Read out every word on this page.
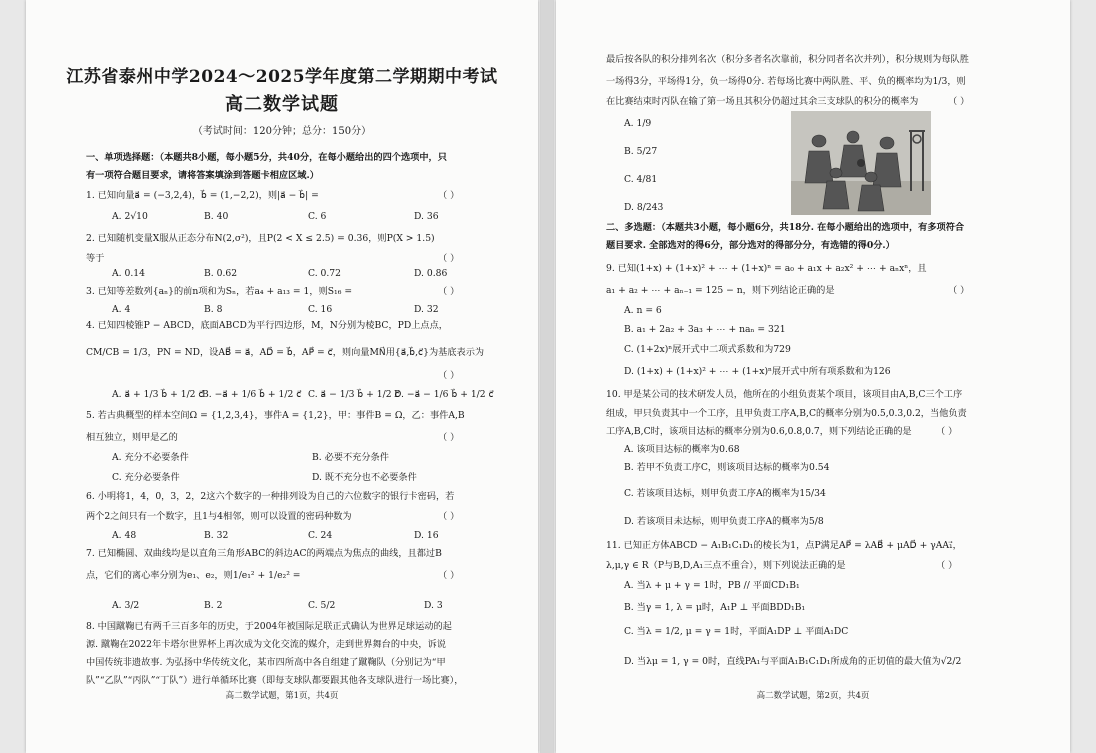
江苏省泰州中学2024～2025学年度第二学期期中考试
高二数学试题
（考试时间：120分钟；总分：150分）
一、单项选择题：（本题共8小题，每小题5分，共40分，在每小题给出的四个选项中，只
有一项符合题目要求，请将答案填涂到答题卡相应区域.）
1. 已知向量a⃗ = (−3,2,4)，b⃗ = (1,−2,2)，则|a⃗ − b⃗| =	（ ）
A. 2√10	B. 40	C. 6	D. 36
2. 已知随机变量X服从正态分布N(2,σ²)，且P(2 < X ≤ 2.5) = 0.36，则P(X > 1.5)
等于	（ ）
A. 0.14	B. 0.62	C. 0.72	D. 0.86
3. 已知等差数列{aₙ}的前n项和为Sₙ，若a₄ + a₁₃ = 1，则S₁₆ =	（ ）
A. 4	B. 8	C. 16	D. 32
4. 已知四棱锥P − ABCD，底面ABCD为平行四边形，M，N分别为棱BC，PD上点点，
CM/CB = 1/3，PN = ND，设AB⃗ = a⃗，AD⃗ = b⃗，AP⃗ = c⃗，则向量MN⃗用{a⃗,b⃗,c⃗}为基底表示为
（ ）
A. a⃗ + 1/3 b⃗ + 1/2 c⃗
B. −a⃗ + 1/6 b⃗ + 1/2 c⃗ C. a⃗ − 1/3 b⃗ + 1/2 c⃗
D. −a⃗ − 1/6 b⃗ + 1/2 c⃗
5. 若古典概型的样本空间Ω = {1,2,3,4}，事件A = {1,2}，甲：事件B = Ω，乙：事件A,B
相互独立，则甲是乙的	（ ）
A. 充分不必要条件	B. 必要不充分条件
C. 充分必要条件	D. 既不充分也不必要条件
6. 小明将1，4，0，3，2，2这六个数字的一种排列设为自己的六位数字的银行卡密码，若
两个2之间只有一个数字，且1与4相邻，则可以设置的密码种数为	（ ）
A. 48	B. 32	C. 24	D. 16
7. 已知椭圆、双曲线均是以直角三角形ABC的斜边AC的两端点为焦点的曲线，且都过B
点，它们的离心率分别为e₁、e₂，则1/e₁² + 1/e₂² =	（ ）
A. 3/2	B. 2	C. 5/2	D. 3
8. 中国蹴鞠已有两千三百多年的历史，于2004年被国际足联正式确认为世界足球运动的起
源. 蹴鞠在2022年卡塔尔世界杯上再次成为文化交流的媒介，走到世界舞台的中央，诉说
中国传统非遗故事. 为弘扬中华传统文化，某市四所高中各自组建了蹴鞠队（分别记为“甲
队”“乙队”“丙队”“丁队”）进行单循环比赛（即每支球队都要跟其他各支球队进行一场比赛），
高二数学试题，第1页，共4页
最后按各队的积分排列名次（积分多者名次靠前，积分同者名次并列），积分规则为每队胜
一场得3分，平场得1分，负一场得0分. 若每场比赛中两队胜、平、负的概率均为1/3，则
在比赛结束时丙队在输了第一场且其积分仍超过其余三支球队的积分的概率为	（ ）
A. 1/9
B. 5/27
C. 4/81
D. 8/243
二、多选题：（本题共3小题，每小题6分，共18分. 在每小题给出的选项中，有多项符合
题目要求. 全部选对的得6分，部分选对的得部分分，有选错的得0分.）
9. 已知(1+x) + (1+x)² + ⋯ + (1+x)ⁿ = a₀ + a₁x + a₂x² + ⋯ + aₙxⁿ，且
a₁ + a₂ + ⋯ + aₙ₋₁ = 125 − n，则下列结论正确的是	（ ）
A. n = 6
B. a₁ + 2a₂ + 3a₃ + ⋯ + naₙ = 321
C. (1+2x)ⁿ展开式中二项式系数和为729
D. (1+x) + (1+x)² + ⋯ + (1+x)ⁿ展开式中所有项系数和为126
10. 甲是某公司的技术研发人员，他所在的小组负责某个项目，该项目由A,B,C三个工序
组成，甲只负责其中一个工序，且甲负责工序A,B,C的概率分别为0.5,0.3,0.2，当他负责
工序A,B,C时，该项目达标的概率分别为0.6,0.8,0.7，则下列结论正确的是	（ ）
A. 该项目达标的概率为0.68
B. 若甲不负责工序C，则该项目达标的概率为0.54
C. 若该项目达标，则甲负责工序A的概率为15/34
D. 若该项目未达标，则甲负责工序A的概率为5/8
11. 已知正方体ABCD − A₁B₁C₁D₁的棱长为1，点P满足AP⃗ = λAB⃗ + μAD⃗ + γAA₁⃗，
λ,μ,γ ∈ R（P与B,D,A₁三点不重合），则下列说法正确的是	（ ）
A. 当λ + μ + γ = 1时，PB // 平面CD₁B₁
B. 当γ = 1, λ = μ时，A₁P ⊥ 平面BDD₁B₁
C. 当λ = 1/2, μ = γ = 1时，平面A₁DP ⊥ 平面A₁DC
D. 当λμ = 1, γ = 0时，直线PA₁与平面A₁B₁C₁D₁所成角的正切值的最大值为√2/2
高二数学试题，第2页，共4页
